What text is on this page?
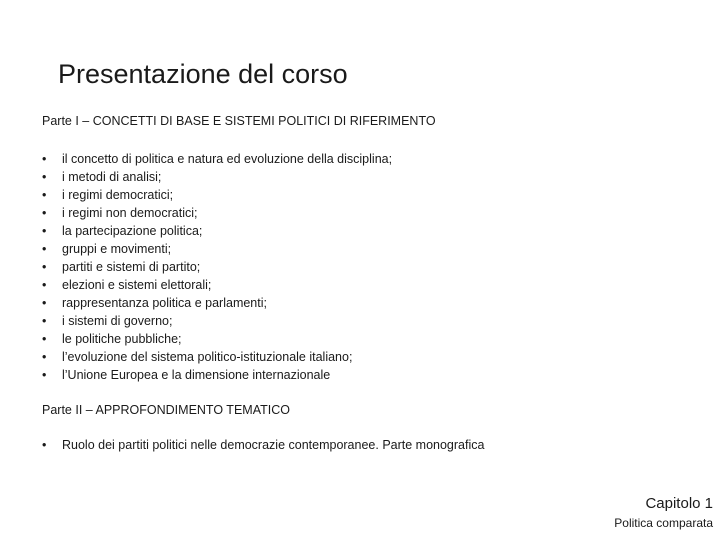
Presentazione del corso
Parte I – CONCETTI DI BASE E SISTEMI POLITICI DI RIFERIMENTO
•	il concetto di politica e natura ed evoluzione della disciplina;
•	i metodi di analisi;
•	i regimi democratici;
•	i regimi non democratici;
•	la partecipazione politica;
•	gruppi e movimenti;
•	partiti e sistemi di partito;
•	elezioni e sistemi elettorali;
•	rappresentanza politica e parlamenti;
•	i sistemi di governo;
•	le politiche pubbliche;
•	l’evoluzione del sistema politico-istituzionale italiano;
•	l’Unione Europea e la dimensione internazionale
Parte II – APPROFONDIMENTO TEMATICO
•	Ruolo dei partiti politici nelle democrazie contemporanee. Parte monografica
Capitolo 1
Politica comparata
